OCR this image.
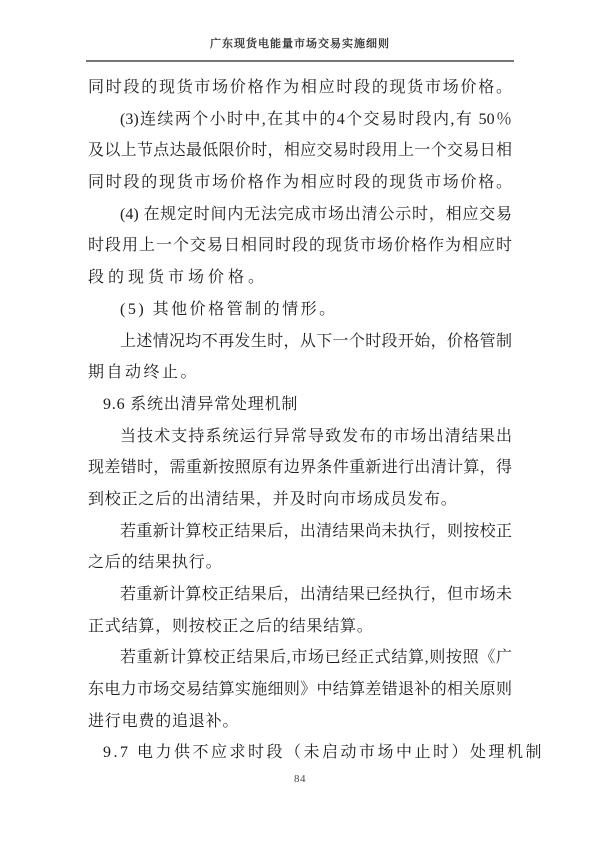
广东现货电能量市场交易实施细则
同时段的现货市场价格作为相应时段的现货市场价格。
(3)连续两个小时中,在其中的4个交易时段内,有 50％
及以上节点达最低限价时，相应交易时段用上一个交易日相
同时段的现货市场价格作为相应时段的现货市场价格。
(4) 在规定时间内无法完成市场出清公示时，相应交易
时段用上一个交易日相同时段的现货市场价格作为相应时
段的现货市场价格。
(5) 其他价格管制的情形。
上述情况均不再发生时，从下一个时段开始，价格管制
期自动终止。
9.6 系统出清异常处理机制
当技术支持系统运行异常导致发布的市场出清结果出
现差错时，需重新按照原有边界条件重新进行出清计算，得
到校正之后的出清结果，并及时向市场成员发布。
若重新计算校正结果后，出清结果尚未执行，则按校正
之后的结果执行。
若重新计算校正结果后，出清结果已经执行，但市场未
正式结算，则按校正之后的结果结算。
若重新计算校正结果后,市场已经正式结算,则按照《广
东电力市场交易结算实施细则》中结算差错退补的相关原则
进行电费的追退补。
9.7 电力供不应求时段（未启动市场中止时）处理机制
84
